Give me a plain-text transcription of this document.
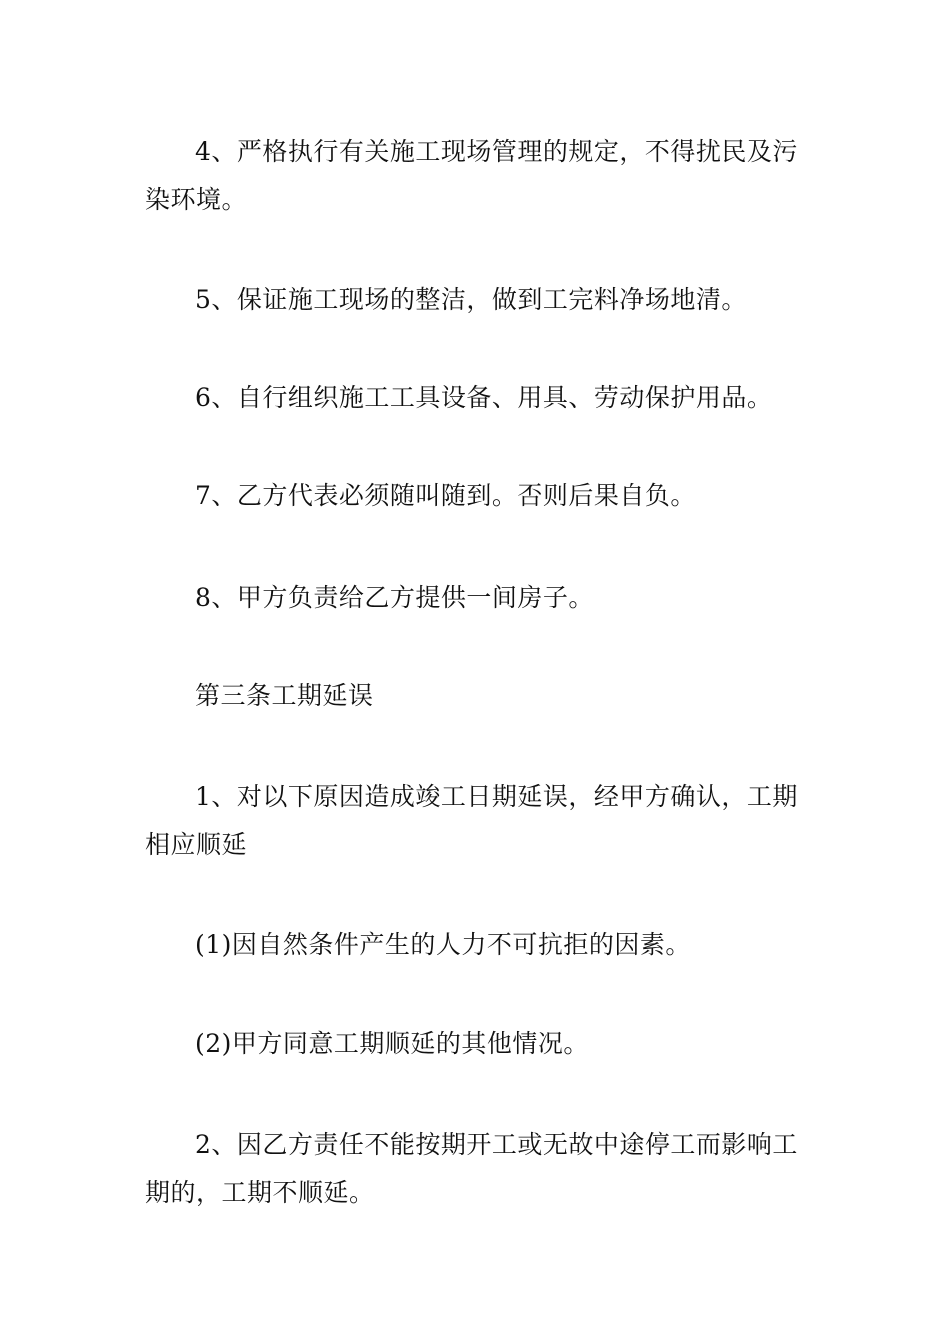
4、严格执行有关施工现场管理的规定，不得扰民及污染环境。

5、保证施工现场的整洁，做到工完料净场地清。

6、自行组织施工工具设备、用具、劳动保护用品。

7、乙方代表必须随叫随到。否则后果自负。

8、甲方负责给乙方提供一间房子。

第三条工期延误

1、对以下原因造成竣工日期延误，经甲方确认，工期相应顺延

(1)因自然条件产生的人力不可抗拒的因素。

(2)甲方同意工期顺延的其他情况。

2、因乙方责任不能按期开工或无故中途停工而影响工期的，工期不顺延。
